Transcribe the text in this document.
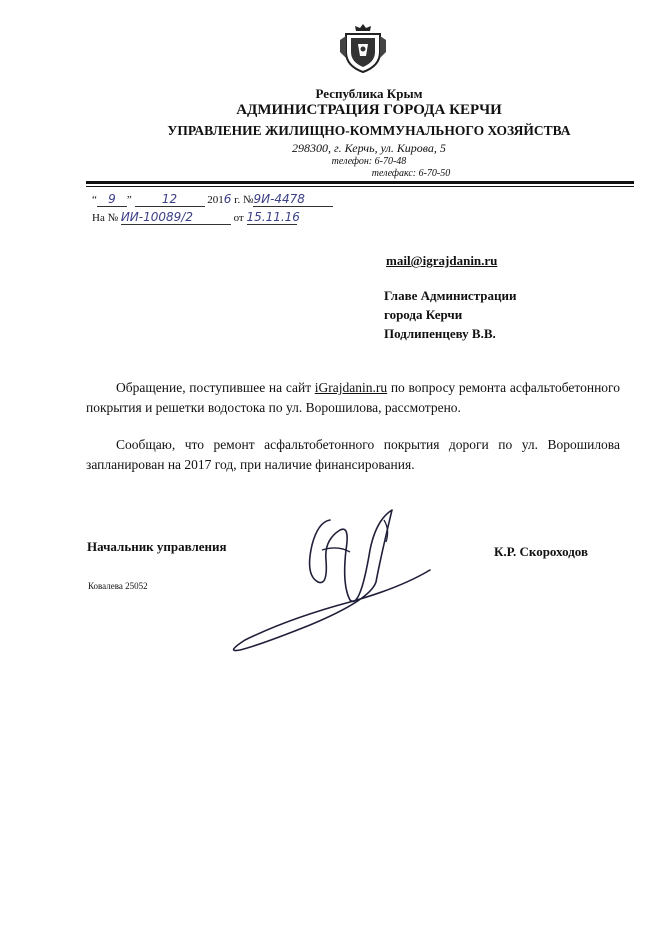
Республика Крым
АДМИНИСТРАЦИЯ ГОРОДА КЕРЧИ
УПРАВЛЕНИЕ ЖИЛИЩНО-КОММУНАЛЬНОГО ХОЗЯЙСТВА
298300, г. Керчь, ул. Кирова, 5
телефон: 6-70-48
телефакс: 6-70-50
“ 9 ”	12	2016 г. №9И-4478
На № ИИ-10089/2	от 15.11.16
mail@igrajdanin.ru
Главе Администрации
города Керчи
Подлипенцеву В.В.
Обращение, поступившее на сайт iGrajdanin.ru по вопросу ремонта асфальтобетонного покрытия и решетки водостока по ул. Ворошилова, рассмотрено.
Сообщаю, что ремонт асфальтобетонного покрытия дороги по ул. Ворошилова запланирован на 2017 год, при наличие финансирования.
Начальник управления	К.Р. Скороходов
Ковалева 25052
